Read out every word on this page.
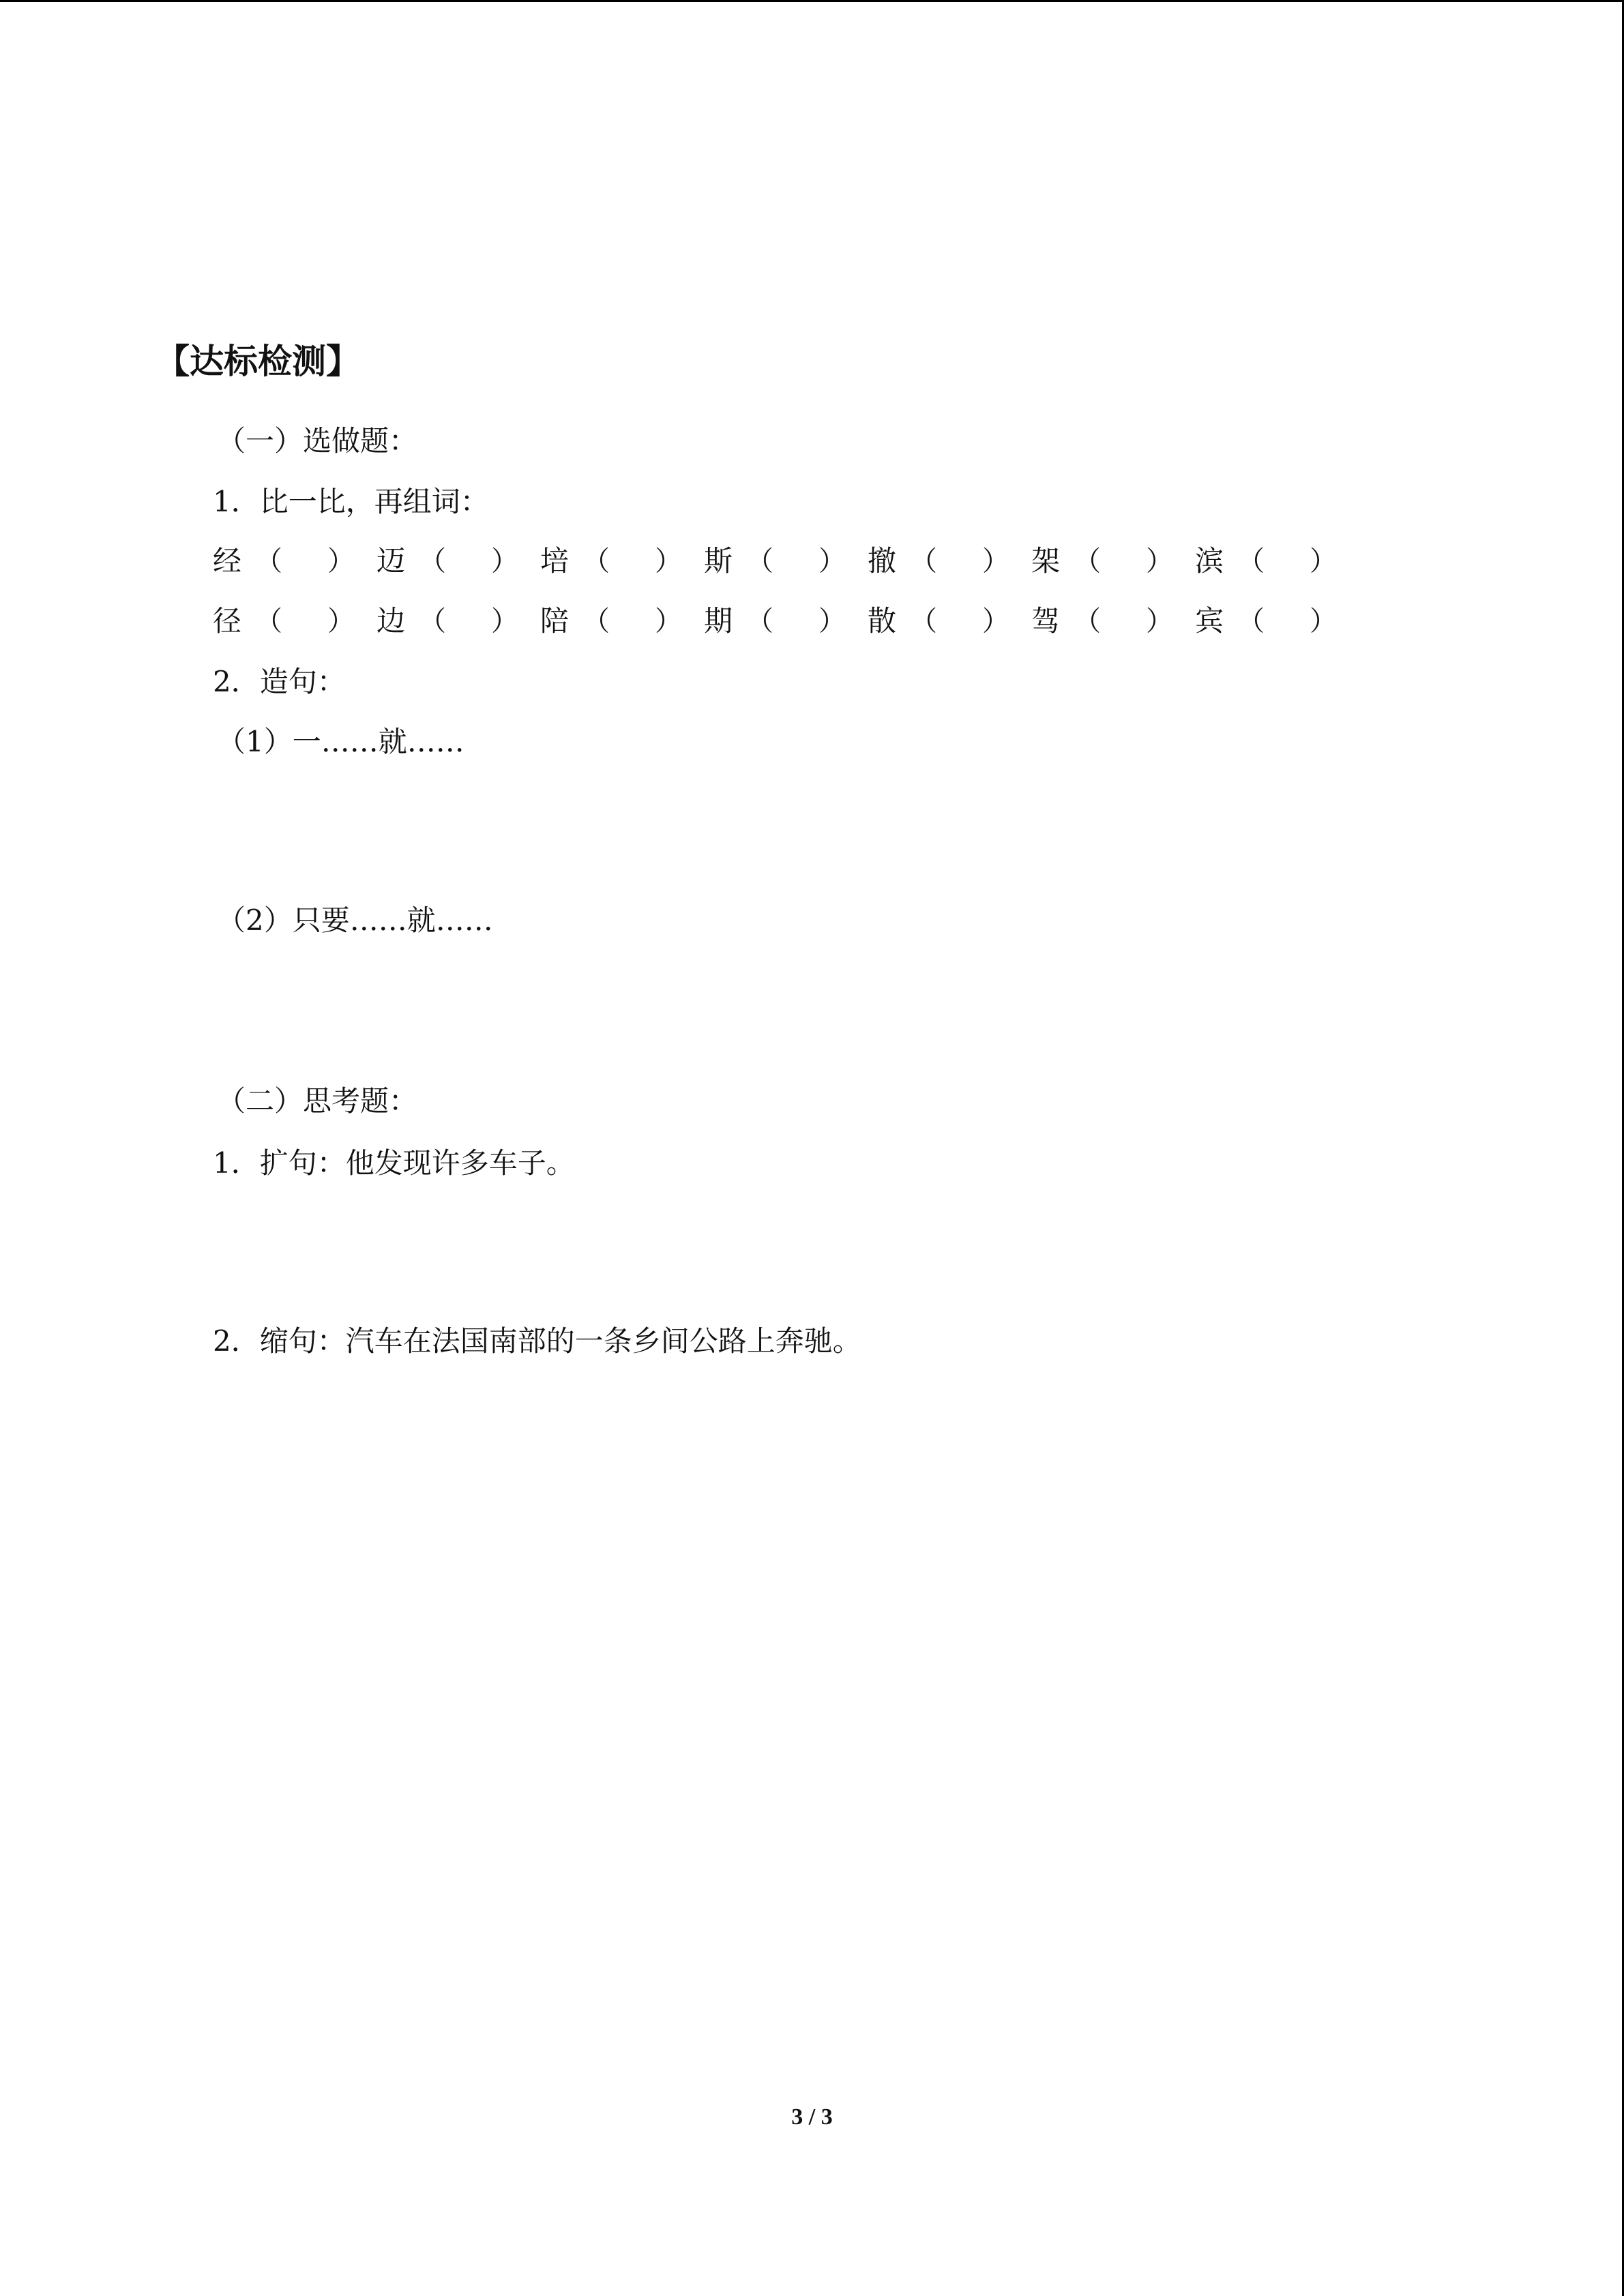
【达标检测】
（一）选做题：
1．比一比，再组词：
经 （ ） 迈 （ ） 培 （ ） 斯 （ ） 撤 （ ） 架 （ ） 滨 （ ）
径 （ ） 边 （ ） 陪 （ ） 期 （ ） 散 （ ） 驾 （ ） 宾 （ ）
2．造句：
（1）一……就……
（2）只要……就……
（二）思考题：
1．扩句：他发现许多车子。
2．缩句：汽车在法国南部的一条乡间公路上奔驰。
3 / 3
